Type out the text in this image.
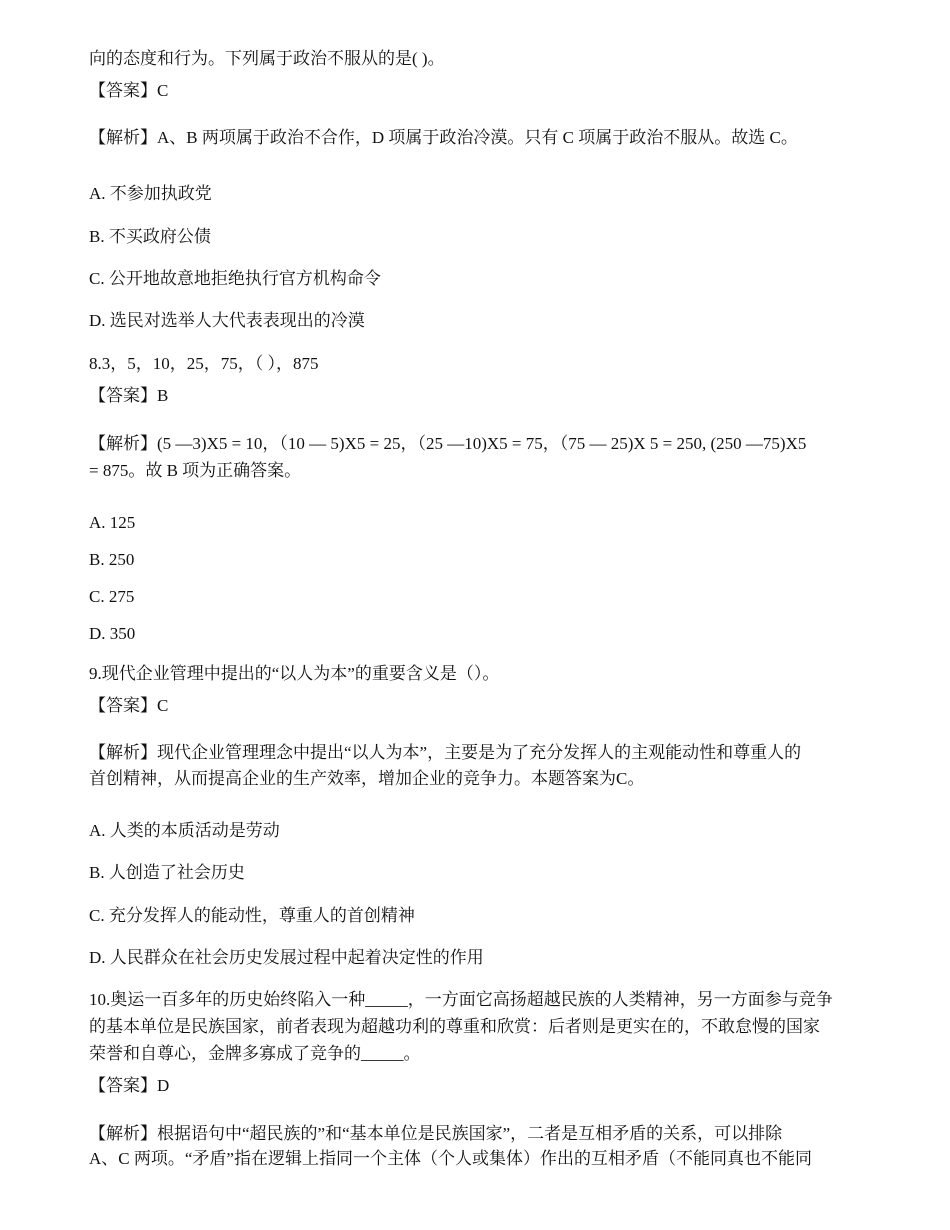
向的态度和行为。下列属于政治不服从的是( )。
【答案】C
【解析】A、B 两项属于政治不合作，D 项属于政治冷漠。只有 C 项属于政治不服从。故选 C。
A. 不参加执政党
B. 不买政府公债
C. 公开地故意地拒绝执行官方机构命令
D. 选民对选举人大代表表现出的冷漠
8.3，5，10，25，75，（ ），875
【答案】B
【解析】(5 —3)X5 = 10，（10 — 5)X5 = 25，（25 —10)X5 = 75，（75 — 25)X 5 = 250, (250 —75)X5
= 875。故 B 项为正确答案。
A. 125
B. 250
C. 275
D. 350
9.现代企业管理中提出的“以人为本”的重要含义是（）。
【答案】C
【解析】现代企业管理理念中提出“以人为本”，主要是为了充分发挥人的主观能动性和尊重人的
首创精神，从而提高企业的生产效率，增加企业的竞争力。本题答案为C。
A. 人类的本质活动是劳动
B. 人创造了社会历史
C. 充分发挥人的能动性，尊重人的首创精神
D. 人民群众在社会历史发展过程中起着决定性的作用
10.奥运一百多年的历史始终陷入一种_____，一方面它高扬超越民族的人类精神，另一方面参与竞争
的基本单位是民族国家，前者表现为超越功利的尊重和欣赏：后者则是更实在的，不敢怠慢的国家
荣誉和自尊心，金牌多寡成了竞争的_____。
【答案】D
【解析】根据语句中“超民族的”和“基本单位是民族国家”，二者是互相矛盾的关系，可以排除
A、C 两项。“矛盾”指在逻辑上指同一个主体（个人或集体）作出的互相矛盾（不能同真也不能同
